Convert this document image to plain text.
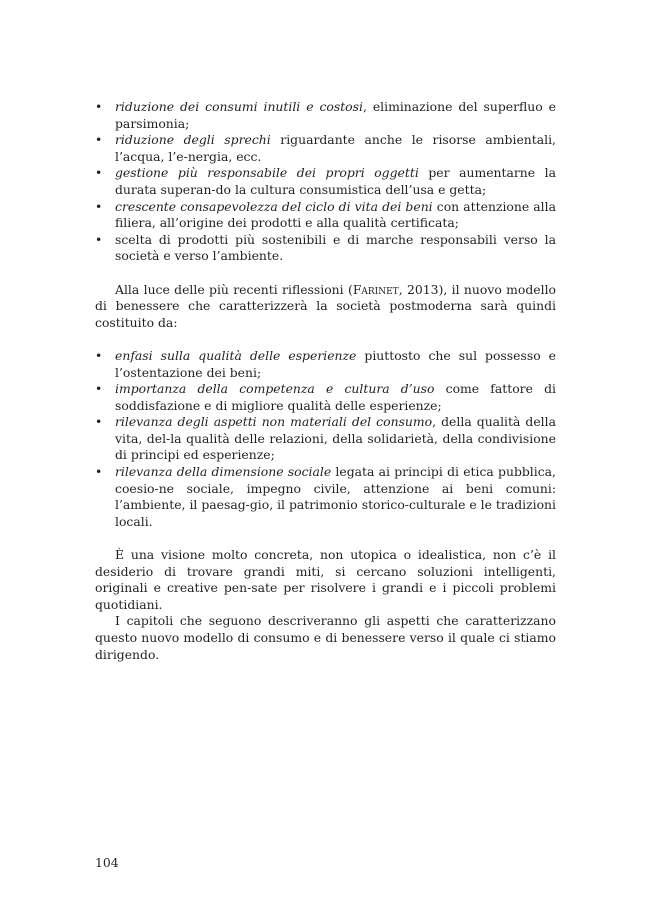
• riduzione dei consumi inutili e costosi, eliminazione del superfluo e parsimonia;
• riduzione degli sprechi riguardante anche le risorse ambientali, l’acqua, l’e-nergia, ecc.
• gestione più responsabile dei propri oggetti per aumentarne la durata superan-do la cultura consumistica dell’usa e getta;
• crescente consapevolezza del ciclo di vita dei beni con attenzione alla filiera, all’origine dei prodotti e alla qualità certificata;
• scelta di prodotti più sostenibili e di marche responsabili verso la società e verso l’ambiente.

Alla luce delle più recenti riflessioni (Farinet, 2013), il nuovo modello di benessere che caratterizzerà la società postmoderna sarà quindi costituito da:

• enfasi sulla qualità delle esperienze piuttosto che sul possesso e l’ostentazione dei beni;
• importanza della competenza e cultura d’uso come fattore di soddisfazione e di migliore qualità delle esperienze;
• rilevanza degli aspetti non materiali del consumo, della qualità della vita, del-la qualità delle relazioni, della solidarietà, della condivisione di principi ed esperienze;
• rilevanza della dimensione sociale legata ai principi di etica pubblica, coesio-ne sociale, impegno civile, attenzione ai beni comuni: l’ambiente, il paesag-gio, il patrimonio storico-culturale e le tradizioni locali.

È una visione molto concreta, non utopica o idealistica, non c’è il desiderio di trovare grandi miti, si cercano soluzioni intelligenti, originali e creative pen-sate per risolvere i grandi e i piccoli problemi quotidiani.

I capitoli che seguono descriveranno gli aspetti che caratterizzano questo nuovo modello di consumo e di benessere verso il quale ci stiamo dirigendo.

104
